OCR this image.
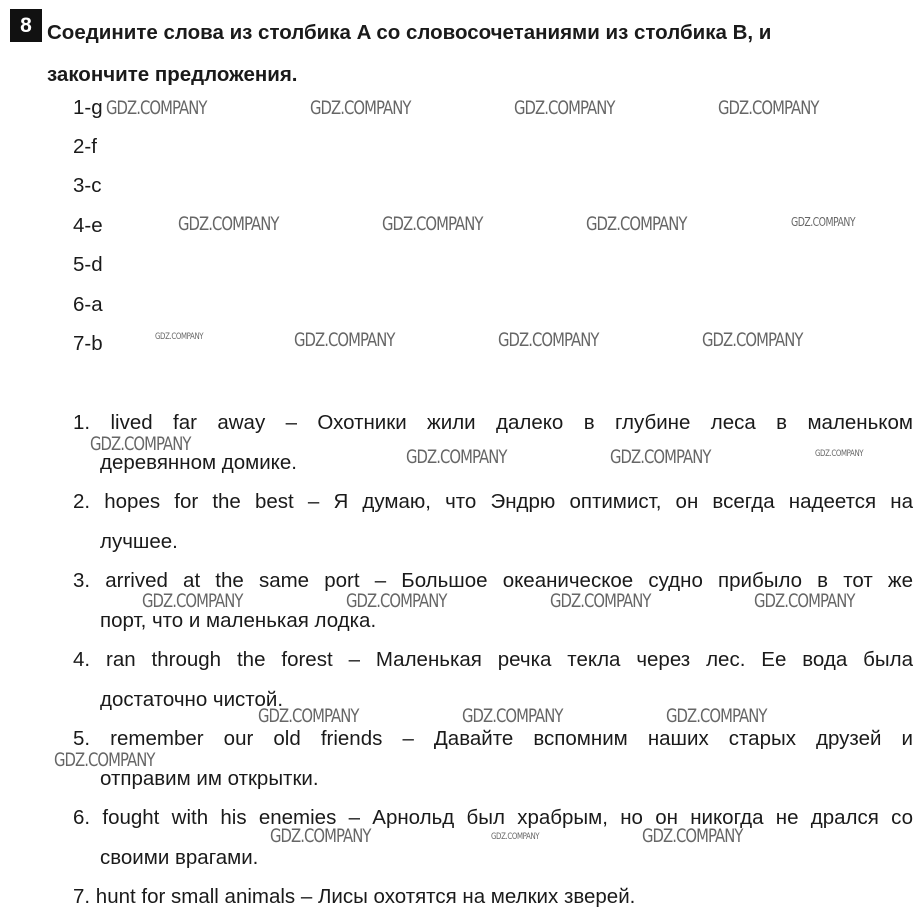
8 Соедините слова из столбика A со словосочетаниями из столбика B, и
закончите предложения.
1-g
2-f
3-c
4-e
5-d
6-a
7-b
1. lived far away – Охотники жили далеко в глубине леса в маленьком
деревянном домике.
2. hopes for the best – Я думаю, что Эндрю оптимист, он всегда надеется на
лучшее.
3. arrived at the same port – Большое океаническое судно прибыло в тот же
порт, что и маленькая лодка.
4. ran through the forest – Маленькая речка текла через лес. Ее вода была
достаточно чистой.
5. remember our old friends – Давайте вспомним наших старых друзей и
отправим им открытки.
6. fought with his enemies – Арнольд был храбрым, но он никогда не дрался со
своими врагами.
7. hunt for small animals – Лисы охотятся на мелких зверей.
GDZ.COMPANY	GDZ.COMPANY	GDZ.COMPANY	GDZ.COMPANY
GDZ.COMPANY	GDZ.COMPANY	GDZ.COMPANY	GDZ.COMPANY
GDZ.COMPANY	GDZ.COMPANY	GDZ.COMPANY	GDZ.COMPANY
GDZ.COMPANY
GDZ.COMPANY	GDZ.COMPANY	GDZ.COMPANY
GDZ.COMPANY	GDZ.COMPANY	GDZ.COMPANY	GDZ.COMPANY
GDZ.COMPANY	GDZ.COMPANY	GDZ.COMPANY
GDZ.COMPANY
GDZ.COMPANY	GDZ.COMPANY	GDZ.COMPANY
